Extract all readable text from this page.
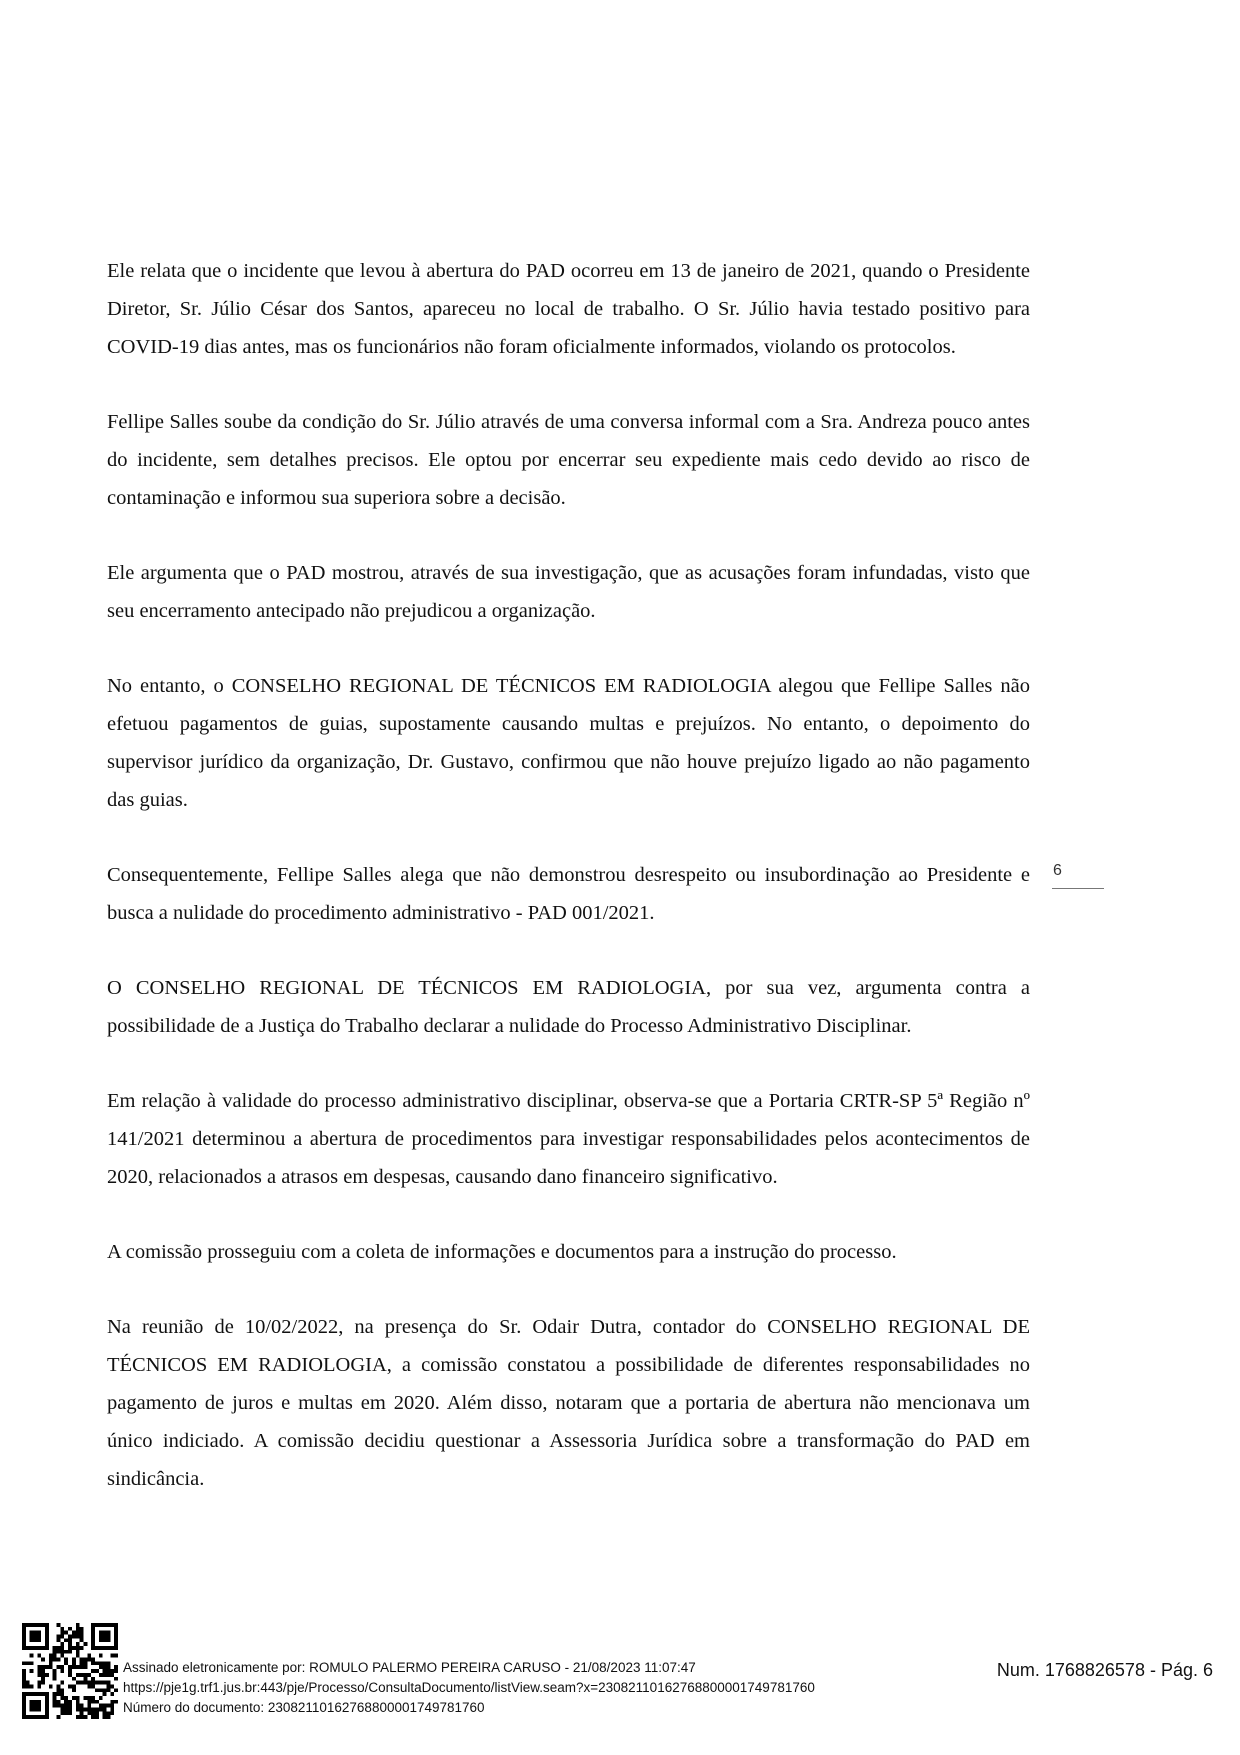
Ele relata que o incidente que levou à abertura do PAD ocorreu em 13 de janeiro de 2021, quando o Presidente Diretor, Sr. Júlio César dos Santos, apareceu no local de trabalho. O Sr. Júlio havia testado positivo para COVID-19 dias antes, mas os funcionários não foram oficialmente informados, violando os protocolos.

Fellipe Salles soube da condição do Sr. Júlio através de uma conversa informal com a Sra. Andreza pouco antes do incidente, sem detalhes precisos. Ele optou por encerrar seu expediente mais cedo devido ao risco de contaminação e informou sua superiora sobre a decisão.

Ele argumenta que o PAD mostrou, através de sua investigação, que as acusações foram infundadas, visto que seu encerramento antecipado não prejudicou a organização.

No entanto, o CONSELHO REGIONAL DE TÉCNICOS EM RADIOLOGIA alegou que Fellipe Salles não efetuou pagamentos de guias, supostamente causando multas e prejuízos. No entanto, o depoimento do supervisor jurídico da organização, Dr. Gustavo, confirmou que não houve prejuízo ligado ao não pagamento das guias.

Consequentemente, Fellipe Salles alega que não demonstrou desrespeito ou insubordinação ao Presidente e busca a nulidade do procedimento administrativo - PAD 001/2021.

O CONSELHO REGIONAL DE TÉCNICOS EM RADIOLOGIA, por sua vez, argumenta contra a possibilidade de a Justiça do Trabalho declarar a nulidade do Processo Administrativo Disciplinar.

Em relação à validade do processo administrativo disciplinar, observa-se que a Portaria CRTR-SP 5ª Região nº 141/2021 determinou a abertura de procedimentos para investigar responsabilidades pelos acontecimentos de 2020, relacionados a atrasos em despesas, causando dano financeiro significativo.

A comissão prosseguiu com a coleta de informações e documentos para a instrução do processo.

Na reunião de 10/02/2022, na presença do Sr. Odair Dutra, contador do CONSELHO REGIONAL DE TÉCNICOS EM RADIOLOGIA, a comissão constatou a possibilidade de diferentes responsabilidades no pagamento de juros e multas em 2020. Além disso, notaram que a portaria de abertura não mencionava um único indiciado. A comissão decidiu questionar a Assessoria Jurídica sobre a transformação do PAD em sindicância.

6
Assinado eletronicamente por: ROMULO PALERMO PEREIRA CARUSO - 21/08/2023 11:07:47
https://pje1g.trf1.jus.br:443/pje/Processo/ConsultaDocumento/listView.seam?x=23082110162768800001749781760
Número do documento: 23082110162768800001749781760
Num. 1768826578 - Pág. 6
